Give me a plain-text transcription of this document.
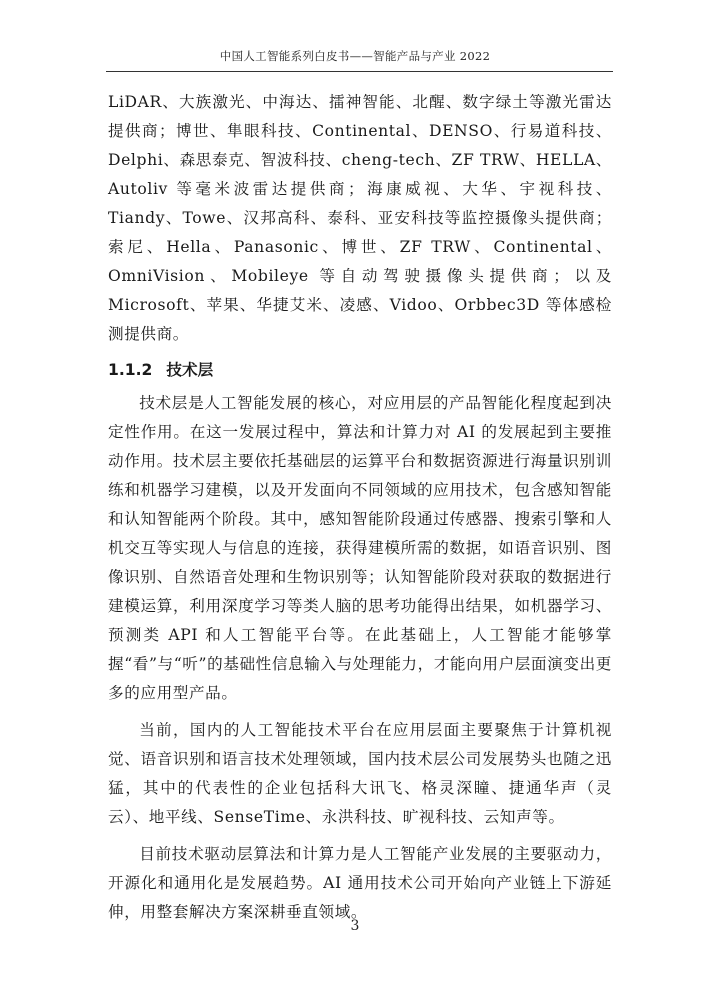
中国人工智能系列白皮书——智能产品与产业 2022

LiDAR、大族激光、中海达、擂神智能、北醒、数字绿土等激光雷达提供商；博世、隼眼科技、Continental、DENSO、行易道科技、Delphi、森思泰克、智波科技、cheng-tech、ZF TRW、HELLA、Autoliv 等毫米波雷达提供商；海康威视、大华、宇视科技、Tiandy、Towe、汉邦高科、泰科、亚安科技等监控摄像头提供商；索尼、Hella、Panasonic、博世、ZF TRW、Continental、OmniVision、Mobileye 等自动驾驶摄像头提供商；以及 Microsoft、苹果、华捷艾米、凌感、Vidoo、Orbbec3D 等体感检测提供商。

1.1.2 技术层

技术层是人工智能发展的核心，对应用层的产品智能化程度起到决定性作用。在这一发展过程中，算法和计算力对 AI 的发展起到主要推动作用。技术层主要依托基础层的运算平台和数据资源进行海量识别训练和机器学习建模，以及开发面向不同领域的应用技术，包含感知智能和认知智能两个阶段。其中，感知智能阶段通过传感器、搜索引擎和人机交互等实现人与信息的连接，获得建模所需的数据，如语音识别、图像识别、自然语音处理和生物识别等；认知智能阶段对获取的数据进行建模运算，利用深度学习等类人脑的思考功能得出结果，如机器学习、预测类 API 和人工智能平台等。在此基础上，人工智能才能够掌握“看”与“听”的基础性信息输入与处理能力，才能向用户层面演变出更多的应用型产品。

当前，国内的人工智能技术平台在应用层面主要聚焦于计算机视觉、语音识别和语言技术处理领域，国内技术层公司发展势头也随之迅猛，其中的代表性的企业包括科大讯飞、格灵深瞳、捷通华声（灵云）、地平线、SenseTime、永洪科技、旷视科技、云知声等。

目前技术驱动层算法和计算力是人工智能产业发展的主要驱动力，开源化和通用化是发展趋势。AI 通用技术公司开始向产业链上下游延伸，用整套解决方案深耕垂直领域。

3
